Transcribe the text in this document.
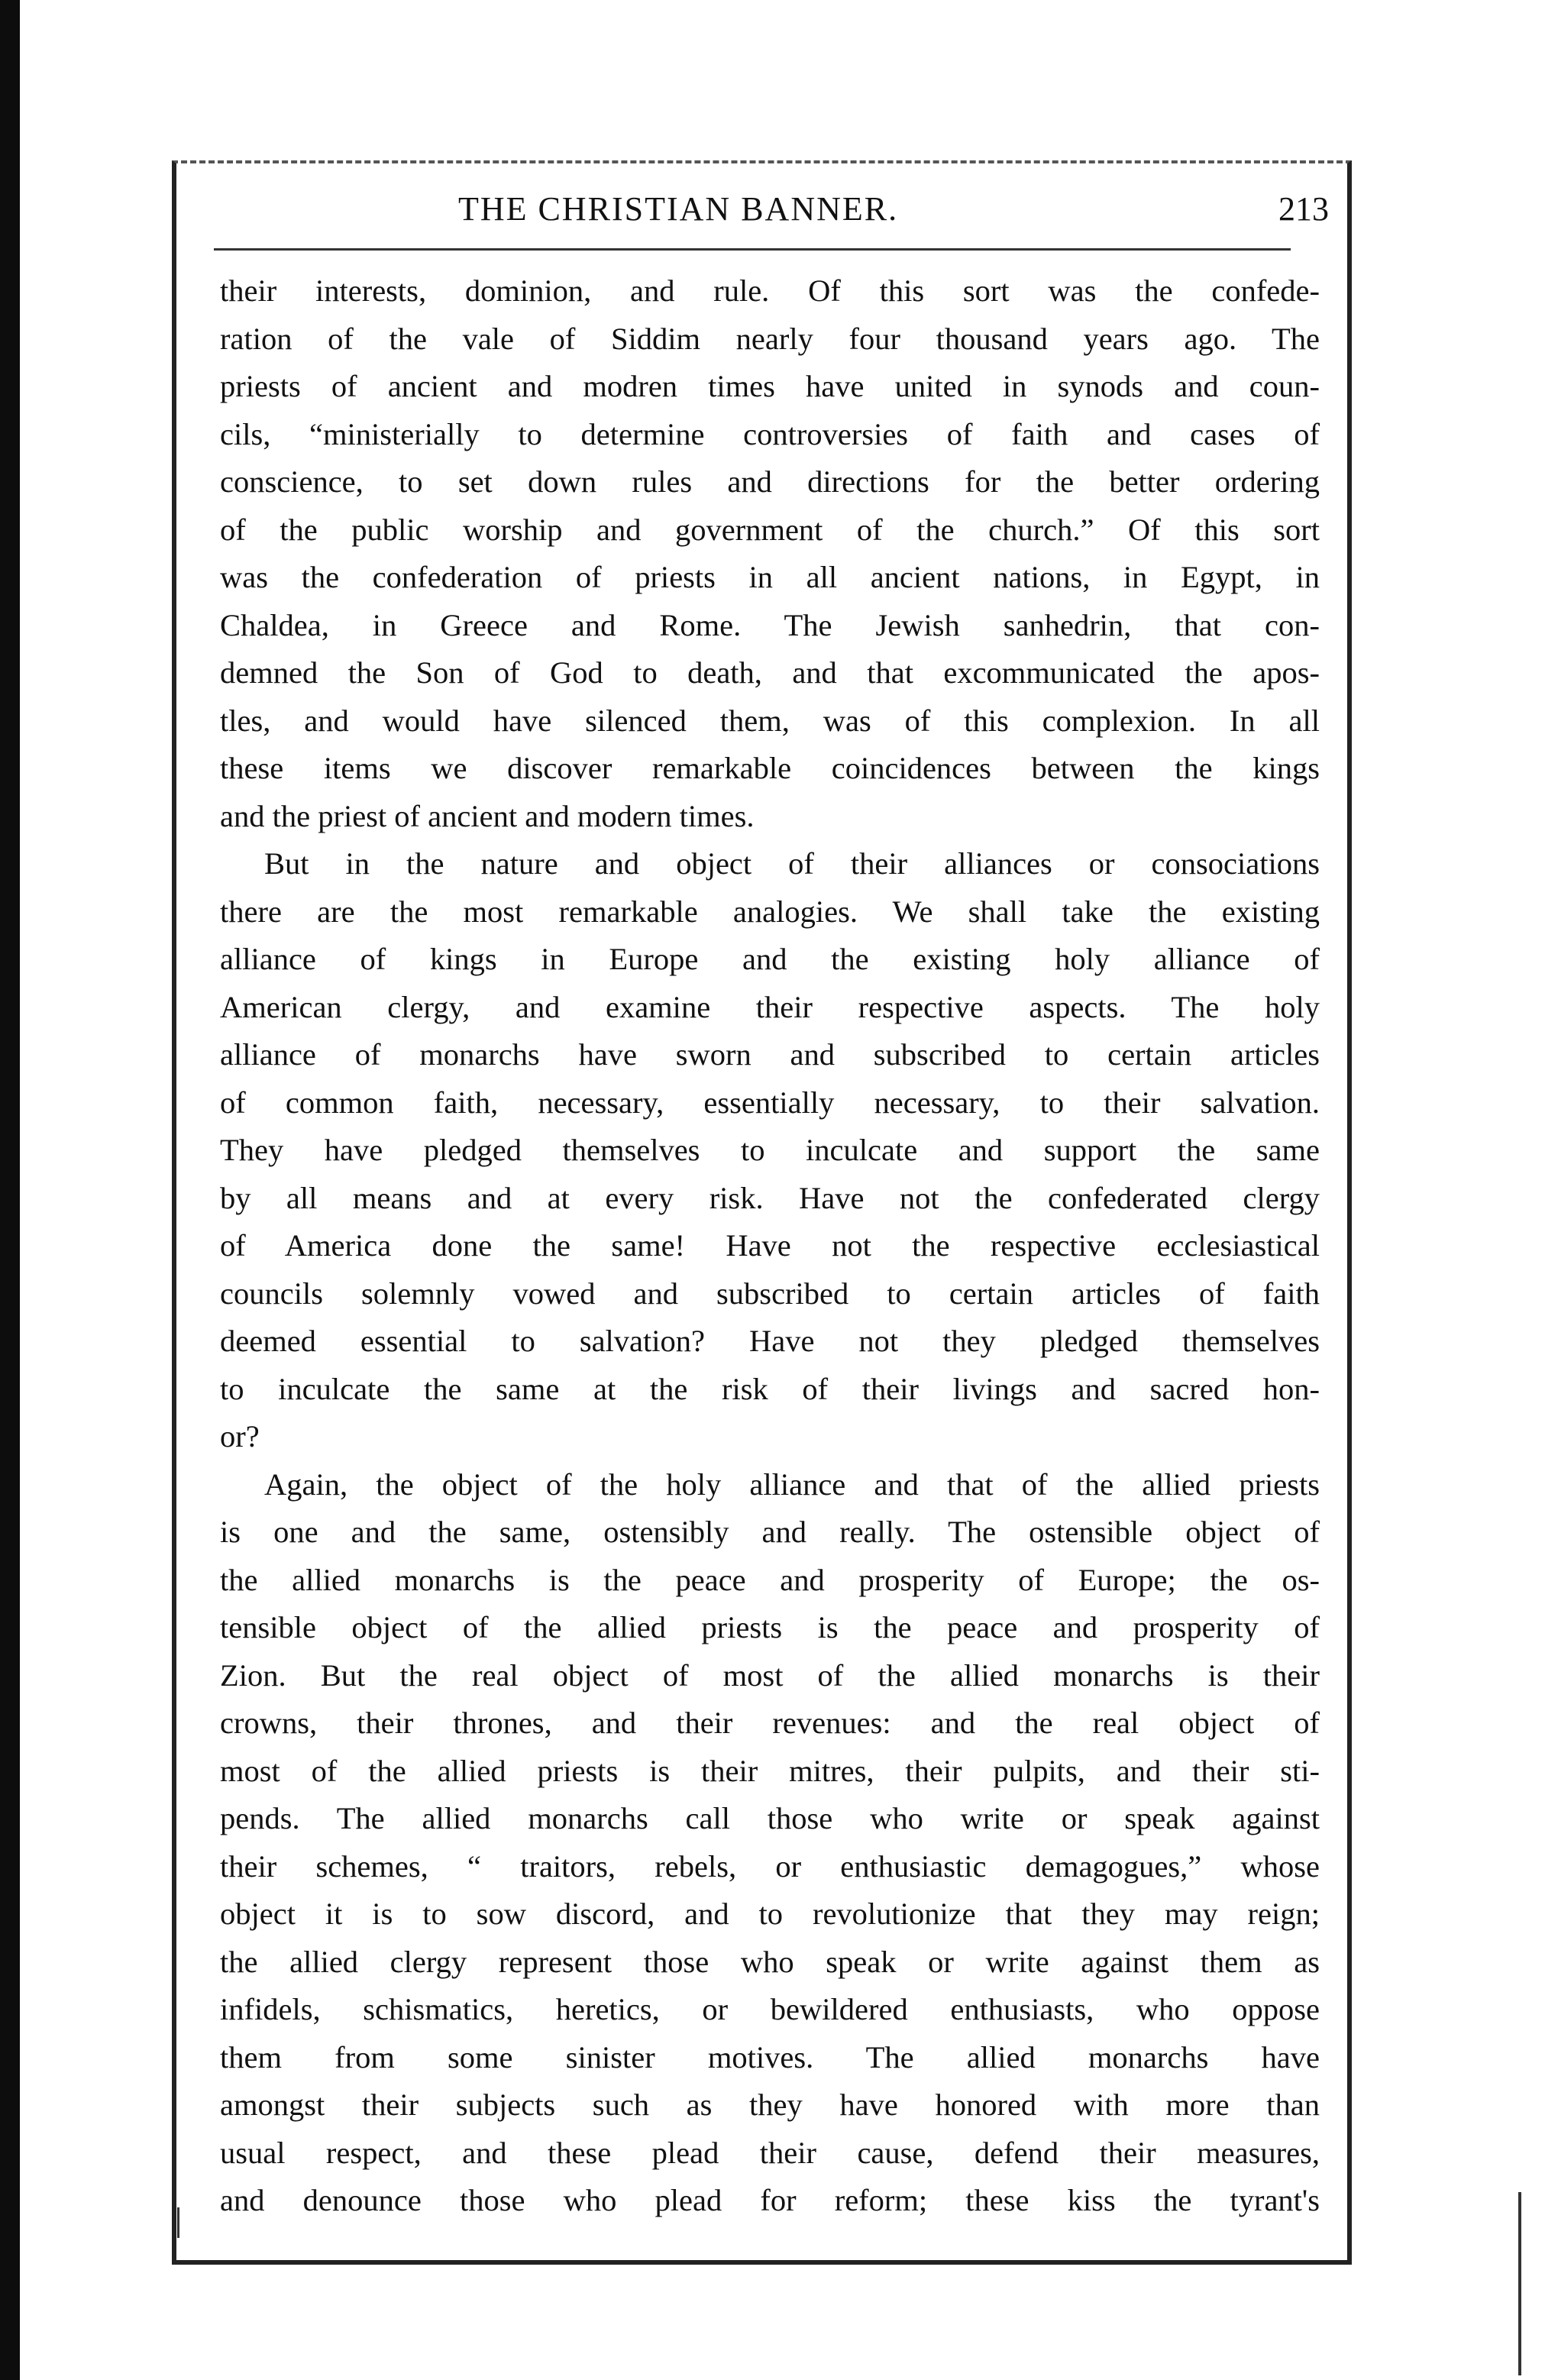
THE CHRISTIAN BANNER.	213
their interests, dominion, and rule. Of this sort was the confede-
ration of the vale of Siddim nearly four thousand years ago. The
priests of ancient and modren times have united in synods and coun-
cils, “ministerially to determine controversies of faith and cases of
conscience, to set down rules and directions for the better ordering
of the public worship and government of the church.” Of this sort
was the confederation of priests in all ancient nations, in Egypt, in
Chaldea, in Greece and Rome. The Jewish sanhedrin, that con-
demned the Son of God to death, and that excommunicated the apos-
tles, and would have silenced them, was of this complexion. In all
these items we discover remarkable coincidences between the kings
and the priest of ancient and modern times.
But in the nature and object of their alliances or consociations
there are the most remarkable analogies. We shall take the existing
alliance of kings in Europe and the existing holy alliance of
American clergy, and examine their respective aspects. The holy
alliance of monarchs have sworn and subscribed to certain articles
of common faith, necessary, essentially necessary, to their salvation.
They have pledged themselves to inculcate and support the same
by all means and at every risk. Have not the confederated clergy
of America done the same! Have not the respective ecclesiastical
councils solemnly vowed and subscribed to certain articles of faith
deemed essential to salvation? Have not they pledged themselves
to inculcate the same at the risk of their livings and sacred hon-
or?
Again, the object of the holy alliance and that of the allied priests
is one and the same, ostensibly and really. The ostensible object of
the allied monarchs is the peace and prosperity of Europe; the os-
tensible object of the allied priests is the peace and prosperity of
Zion. But the real object of most of the allied monarchs is their
crowns, their thrones, and their revenues: and the real object of
most of the allied priests is their mitres, their pulpits, and their sti-
pends. The allied monarchs call those who write or speak against
their schemes, “ traitors, rebels, or enthusiastic demagogues,” whose
object it is to sow discord, and to revolutionize that they may reign;
the allied clergy represent those who speak or write against them as
infidels, schismatics, heretics, or bewildered enthusiasts, who oppose
them from some sinister motives. The allied monarchs have
amongst their subjects such as they have honored with more than
usual respect, and these plead their cause, defend their measures,
and denounce those who plead for reform; these kiss the tyrant's
